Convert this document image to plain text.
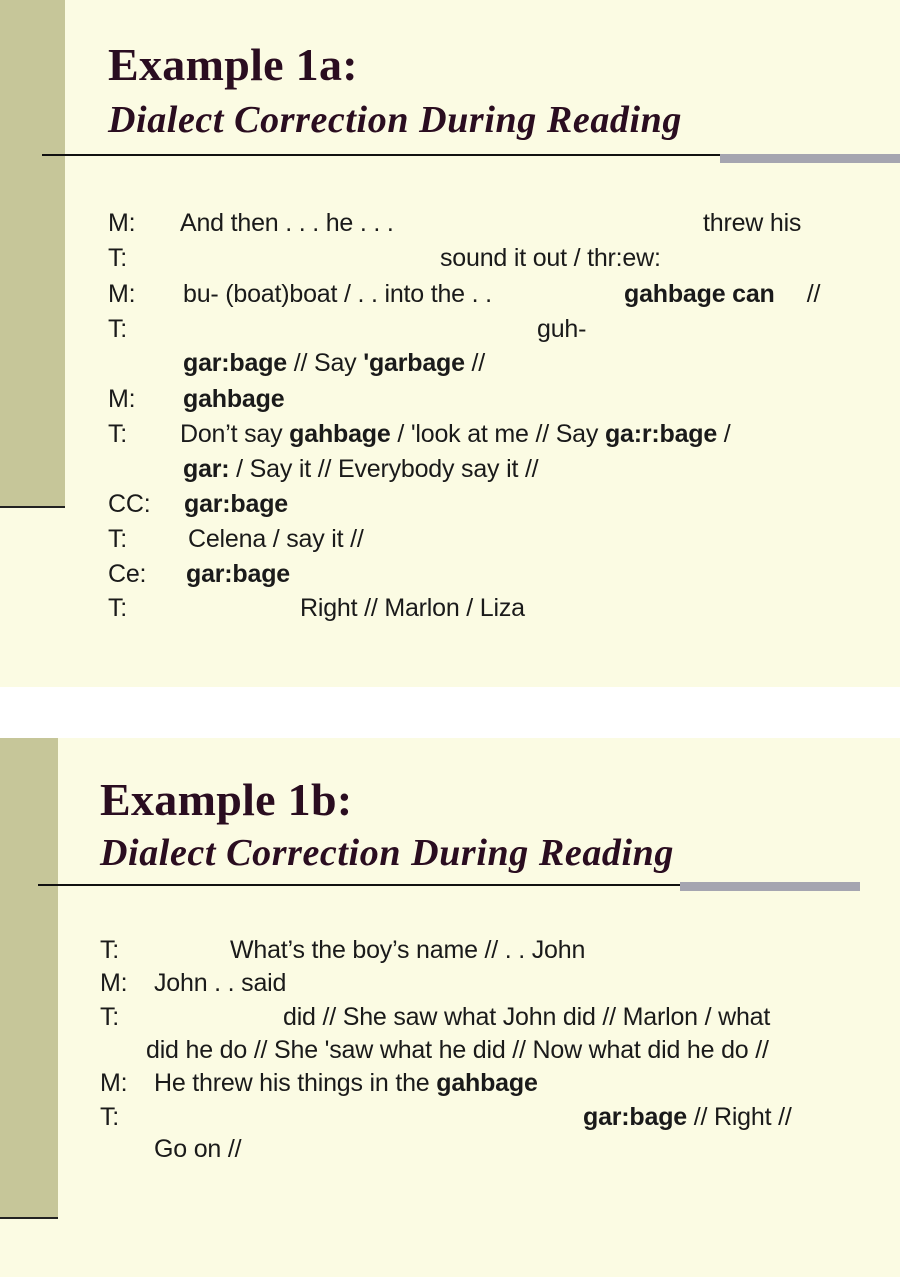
Example 1a:
Dialect Correction During Reading
M: And then . . . he . . .	threw his
T:	sound it out / thr:ew:
M: bu- (boat)boat / . . into the . .	gahbage can //
T:	guh-
gar:bage // Say 'garbage //
M: gahbage
T: Don’t say gahbage / 'look at me // Say ga:r:bage /
gar: / Say it // Everybody say it //
CC: gar:bage
T: Celena / say it //
Ce: gar:bage
T:	Right // Marlon / Liza
Example 1b:
Dialect Correction During Reading
T:	What’s the boy’s name // . . John
M: John . . said
T:	did // She saw what John did // Marlon / what
did he do // She 'saw what he did // Now what did he do //
M: He threw his things in the gahbage
T:	gar:bage // Right //
Go on //
